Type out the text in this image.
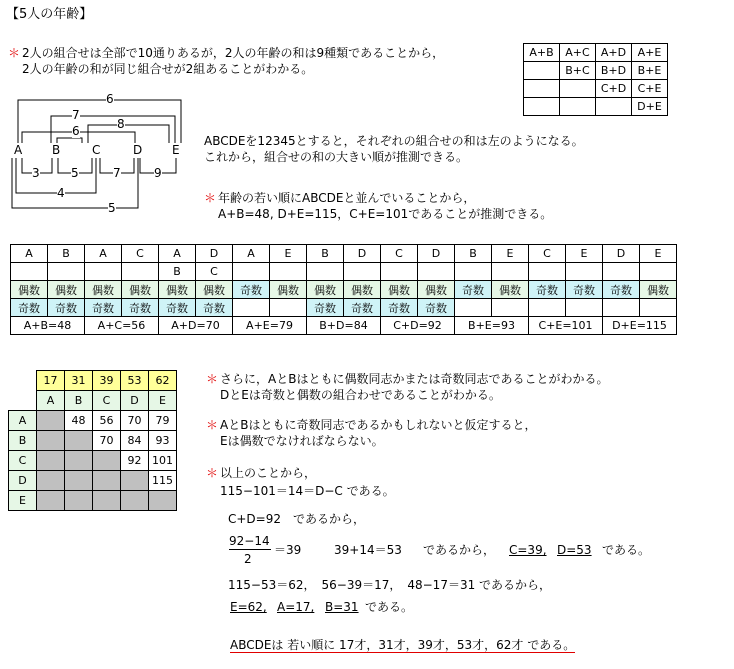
【5人の年齢】
＊ 2人の組合せは全部で10通りあるが，2人の年齢の和は9種類であることから，
2人の年齢の和が同じ組合せが2組あることがわかる。
A+B	A+C	A+D	A+E
	B+C	B+D	B+E
		C+D	C+E
			D+E
6
7
6	8
A B	C	D E
3	5	7	9
4
5
ABCDEを12345とすると，それぞれの組合せの和は左のようになる。
これから，組合せの和の大きい順が推測できる。
＊ 年齢の若い順にABCDEと並んでいることから，
A+B=48, D+E=115，C+E=101であることが推測できる。
A	B	A	C	A	D	A	E	B	D	C	D	B	E	C	E	D	E
				B	C												
偶数	偶数	偶数	偶数	偶数	偶数	奇数	偶数	偶数	偶数	偶数	偶数	奇数	偶数	奇数	奇数	奇数	偶数
奇数	奇数	奇数	奇数	奇数	奇数			奇数	奇数	奇数	奇数						
A+B=48		A+C=56		A+D=70		A+E=79		B+D=84		C+D=92		B+E=93		C+E=101		D+E=115	
	17	31	39	53	62
	A	B	C	D	E
A		48	56	70	79
B			70	84	93
C				92	101
D					115
E					
＊ さらに，AとBはともに偶数同志かまたは奇数同志であることがわかる。
DとEは奇数と偶数の組合わせであることがわかる。
＊ AとBはともに奇数同志であるかもしれないと仮定すると，
Eは偶数でなければならない。
＊ 以上のことから，
115−101＝14＝D−C である。
C+D=92　であるから，
92−14
2
＝39	39+14＝53 であるから， C=39, D=53 である。
115−53＝62，　56−39＝17，　48−17＝31 であるから，
E=62, A=17, B=31 である。
ABCDEは 若い順に 17才，31才，39才，53才，62才 である。
